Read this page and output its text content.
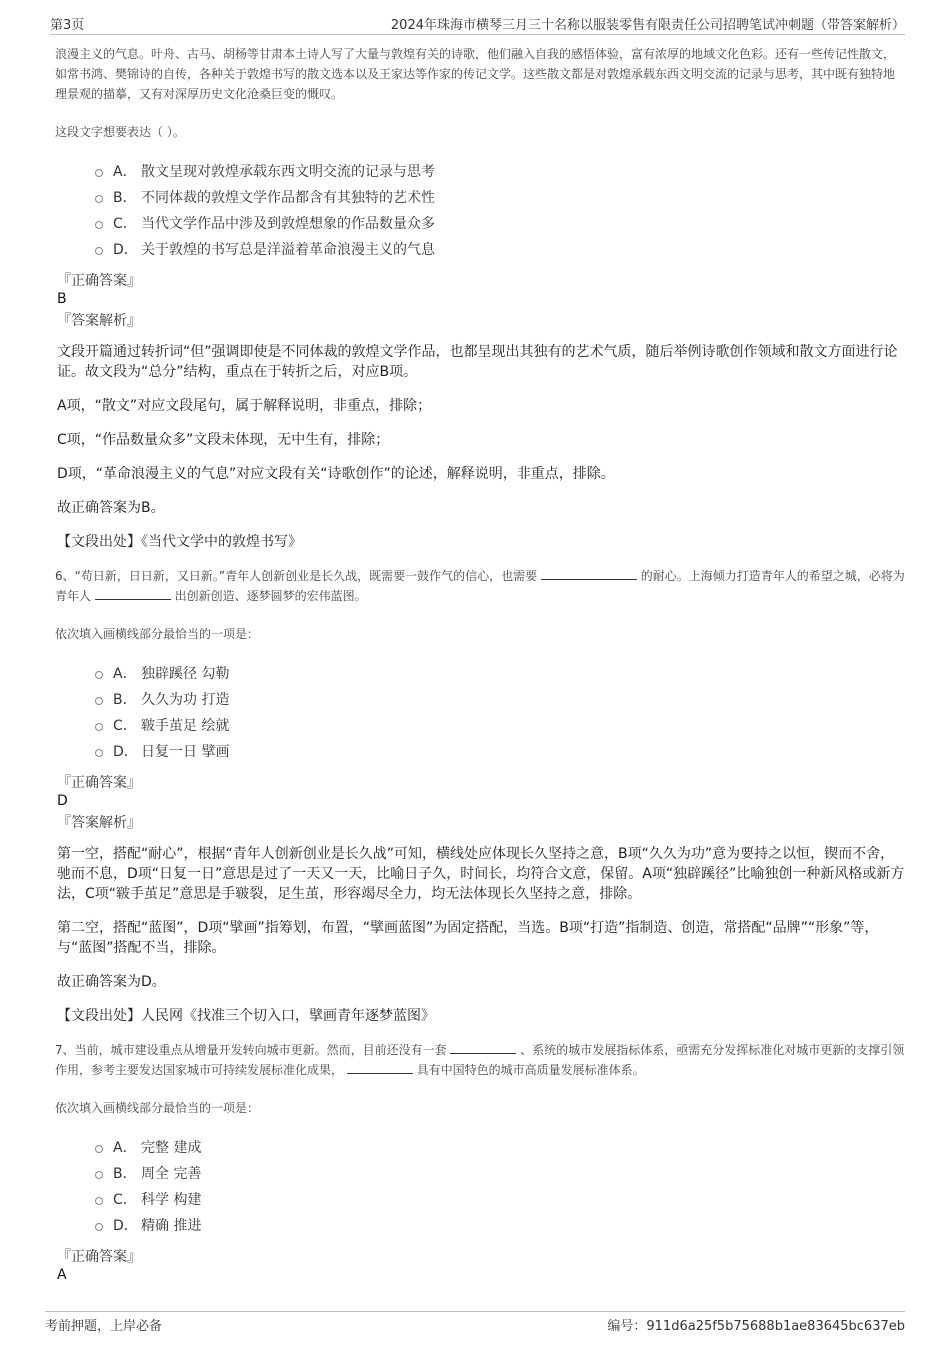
第3页	2024年珠海市横琴三月三十名称以服装零售有限责任公司招聘笔试冲刺题（带答案解析）

浪漫主义的气息。叶舟、古马、胡杨等甘肃本土诗人写了大量与敦煌有关的诗歌，他们融入自我的感悟体验，富有浓厚的地域文化色彩。还有一些传记性散文，如常书鸿、樊锦诗的自传，各种关于敦煌书写的散文选本以及王家达等作家的传记文学。这些散文都是对敦煌承载东西文明交流的记录与思考，其中既有独特地理景观的描摹，又有对深厚历史文化沧桑巨变的慨叹。

这段文字想要表达（ ）。

A． 散文呈现对敦煌承载东西文明交流的记录与思考
B． 不同体裁的敦煌文学作品都含有其独特的艺术性
C． 当代文学作品中涉及到敦煌想象的作品数量众多
D． 关于敦煌的书写总是洋溢着革命浪漫主义的气息
『正确答案』
B
『答案解析』

文段开篇通过转折词“但”强调即使是不同体裁的敦煌文学作品，也都呈现出其独有的艺术气质，随后举例诗歌创作领域和散文方面进行论证。故文段为“总分”结构，重点在于转折之后，对应B项。

A项，“散文”对应文段尾句，属于解释说明，非重点，排除；

C项，“作品数量众多”文段未体现，无中生有，排除；

D项，“革命浪漫主义的气息”对应文段有关“诗歌创作”的论述，解释说明，非重点，排除。

故正确答案为B。

【文段出处】《当代文学中的敦煌书写》

6、“苟日新，日日新，又日新。”青年人创新创业是长久战，既需要一鼓作气的信心，也需要	的耐心。上海倾力打造青年人的希望之城，必将为青年人	出创新创造、逐梦圆梦的宏伟蓝图。

依次填入画横线部分最恰当的一项是：

A． 独辟蹊径 勾勒
B． 久久为功 打造
C． 皲手茧足 绘就
D． 日复一日 擘画
『正确答案』
D
『答案解析』

第一空，搭配“耐心”，根据“青年人创新创业是长久战”可知，横线处应体现长久坚持之意，B项“久久为功”意为要持之以恒，锲而不舍，驰而不息，D项“日复一日”意思是过了一天又一天，比喻日子久，时间长，均符合文意，保留。A项“独辟蹊径”比喻独创一种新风格或新方法，C项“皲手茧足”意思是手皲裂，足生茧，形容竭尽全力，均无法体现长久坚持之意，排除。

第二空，搭配“蓝图”，D项“擘画”指筹划，布置，“擘画蓝图”为固定搭配，当选。B项“打造”指制造、创造，常搭配“品牌”“形象”等，与“蓝图”搭配不当，排除。

故正确答案为D。

【文段出处】人民网《找准三个切入口，擘画青年逐梦蓝图》

7、当前，城市建设重点从增量开发转向城市更新。然而，目前还没有一套	、系统的城市发展指标体系，亟需充分发挥标准化对城市更新的支撑引领作用，参考主要发达国家城市可持续发展标准化成果，	具有中国特色的城市高质量发展标准体系。

依次填入画横线部分最恰当的一项是：

A． 完整 建成
B． 周全 完善
C． 科学 构建
D． 精确 推进
『正确答案』
A
考前押题，上岸必备	编号：911d6a25f5b75688b1ae83645bc637eb
